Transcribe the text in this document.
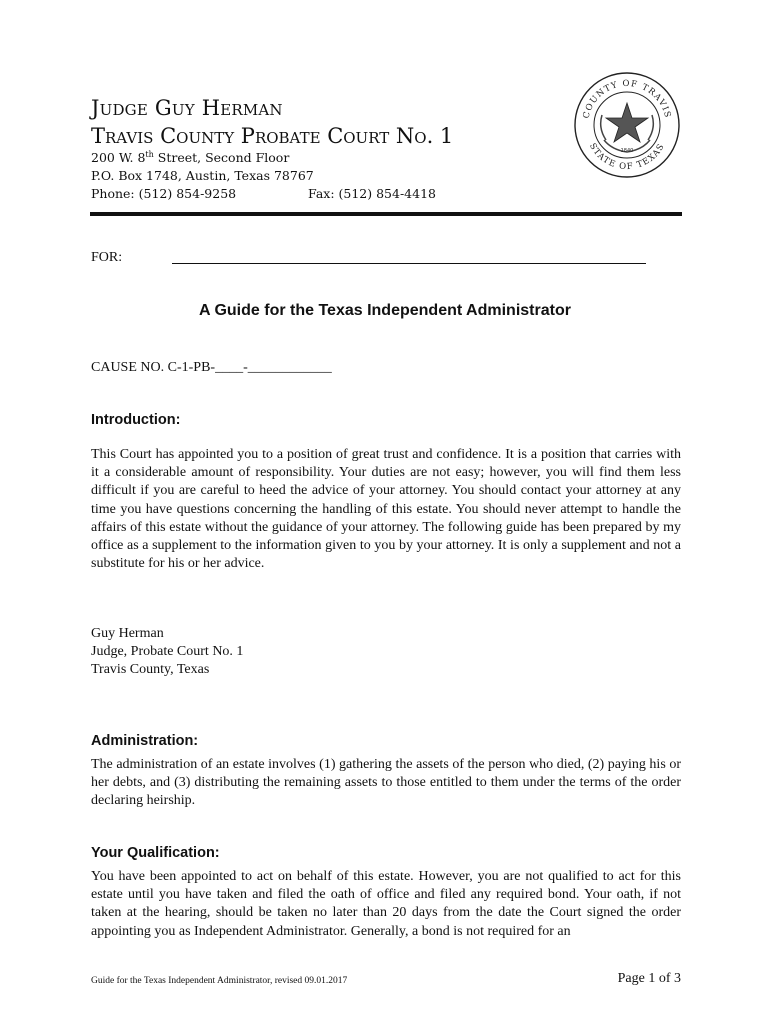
Judge Guy Herman
Travis County Probate Court No. 1
200 W. 8th Street, Second Floor
P.O. Box 1748, Austin, Texas 78767
Phone: (512) 854-9258	Fax: (512) 854-4418
COUNTY OF TRAVIS
STATE OF TEXAS
1840
FOR:
A Guide for the Texas Independent Administrator
CAUSE NO. C-1-PB-____-____________
Introduction:

This Court has appointed you to a position of great trust and confidence. It is a position that carries with it a considerable amount of responsibility. Your duties are not easy; however, you will find them less difficult if you are careful to heed the advice of your attorney. You should contact your attorney at any time you have questions concerning the handling of this estate. You should never attempt to handle the affairs of this estate without the guidance of your attorney. The following guide has been prepared by my office as a supplement to the information given to you by your attorney. It is only a supplement and not a substitute for his or her advice.

Guy Herman
Judge, Probate Court No. 1
Travis County, Texas
Administration:

The administration of an estate involves (1) gathering the assets of the person who died, (2) paying his or her debts, and (3) distributing the remaining assets to those entitled to them under the terms of the order declaring heirship.

Your Qualification:

You have been appointed to act on behalf of this estate. However, you are not qualified to act for this estate until you have taken and filed the oath of office and filed any required bond. Your oath, if not taken at the hearing, should be taken no later than 20 days from the date the Court signed the order appointing you as Independent Administrator. Generally, a bond is not required for an

Guide for the Texas Independent Administrator, revised 09.01.2017	Page 1 of 3
